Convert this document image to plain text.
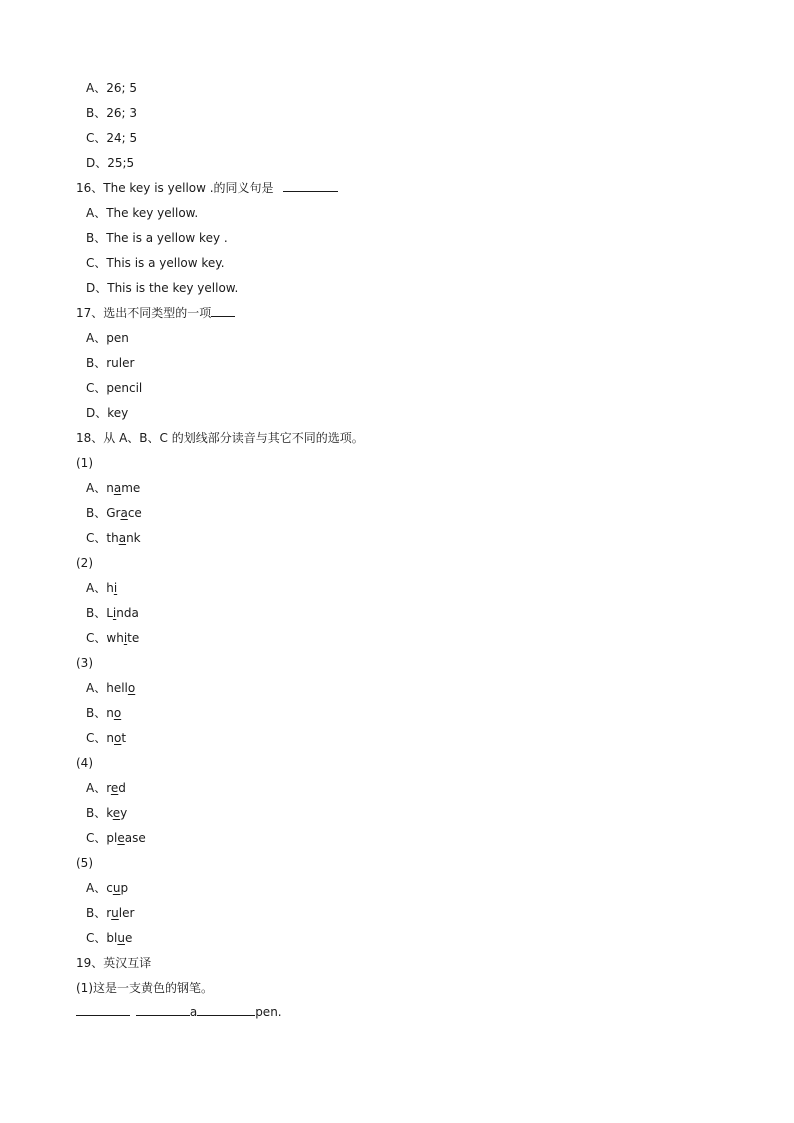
A、26; 5
B、26; 3
C、24; 5
D、25;5
16、The key is yellow .的同义句是
A、The key yellow.
B、The is a yellow key .
C、This is a yellow key.
D、This is the key yellow.
17、选出不同类型的一项
A、pen
B、ruler
C、pencil
D、key
18、从 A、B、C 的划线部分读音与其它不同的选项。
(1)
A、name
B、Grace
C、thank
(2)
A、hi
B、Linda
C、white
(3)
A、hello
B、no
C、not
(4)
A、red
B、key
C、please
(5)
A、cup
B、ruler
C、blue
19、英汉互译
(1)这是一支黄色的钢笔。
a	pen.
